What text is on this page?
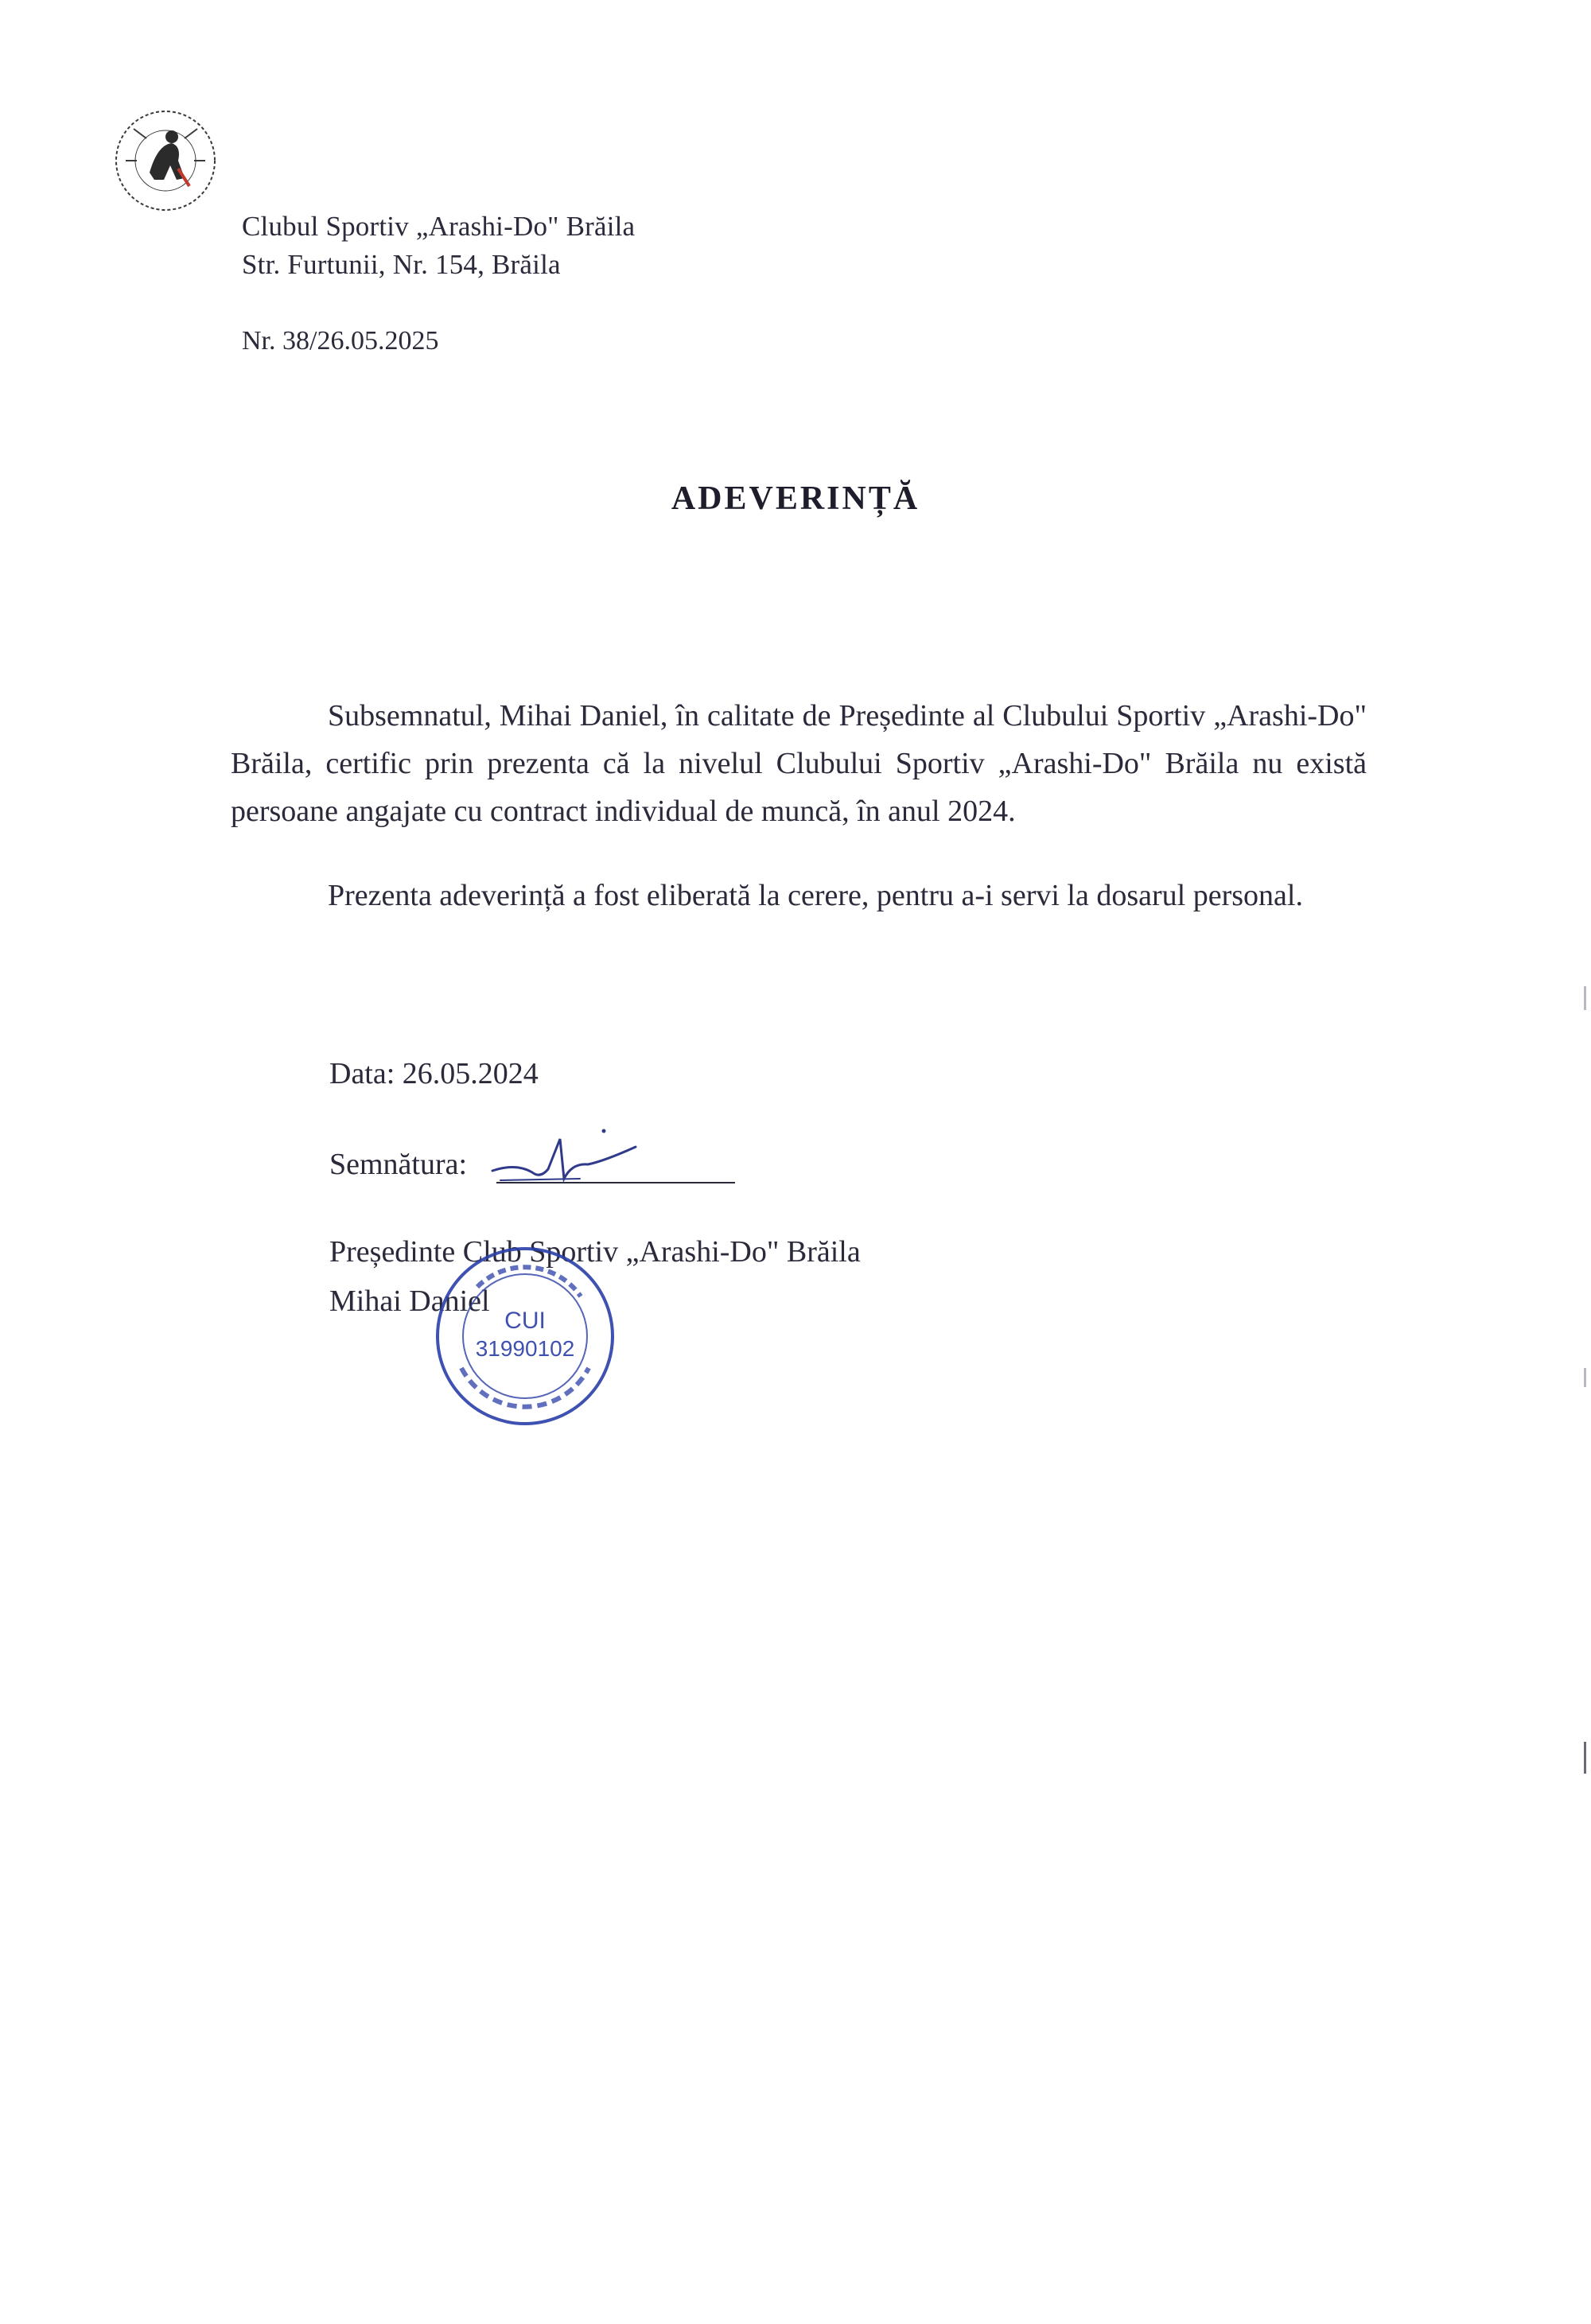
Clubul Sportiv „Arashi-Do" Brăila
Str. Furtunii, Nr. 154, Brăila
Nr. 38/26.05.2025
ADEVERINȚĂ

Subsemnatul, Mihai Daniel, în calitate de Președinte al Clubului Sportiv „Arashi-Do" Brăila, certific prin prezenta că la nivelul Clubului Sportiv „Arashi-Do" Brăila nu există persoane angajate cu contract individual de muncă, în anul 2024.

Prezenta adeverință a fost eliberată la cerere, pentru a-i servi la dosarul personal.

Data: 26.05.2024
Semnătura:
Președinte Club Sportiv „Arashi-Do" Brăila
Mihai Daniel
CUI
31990102
